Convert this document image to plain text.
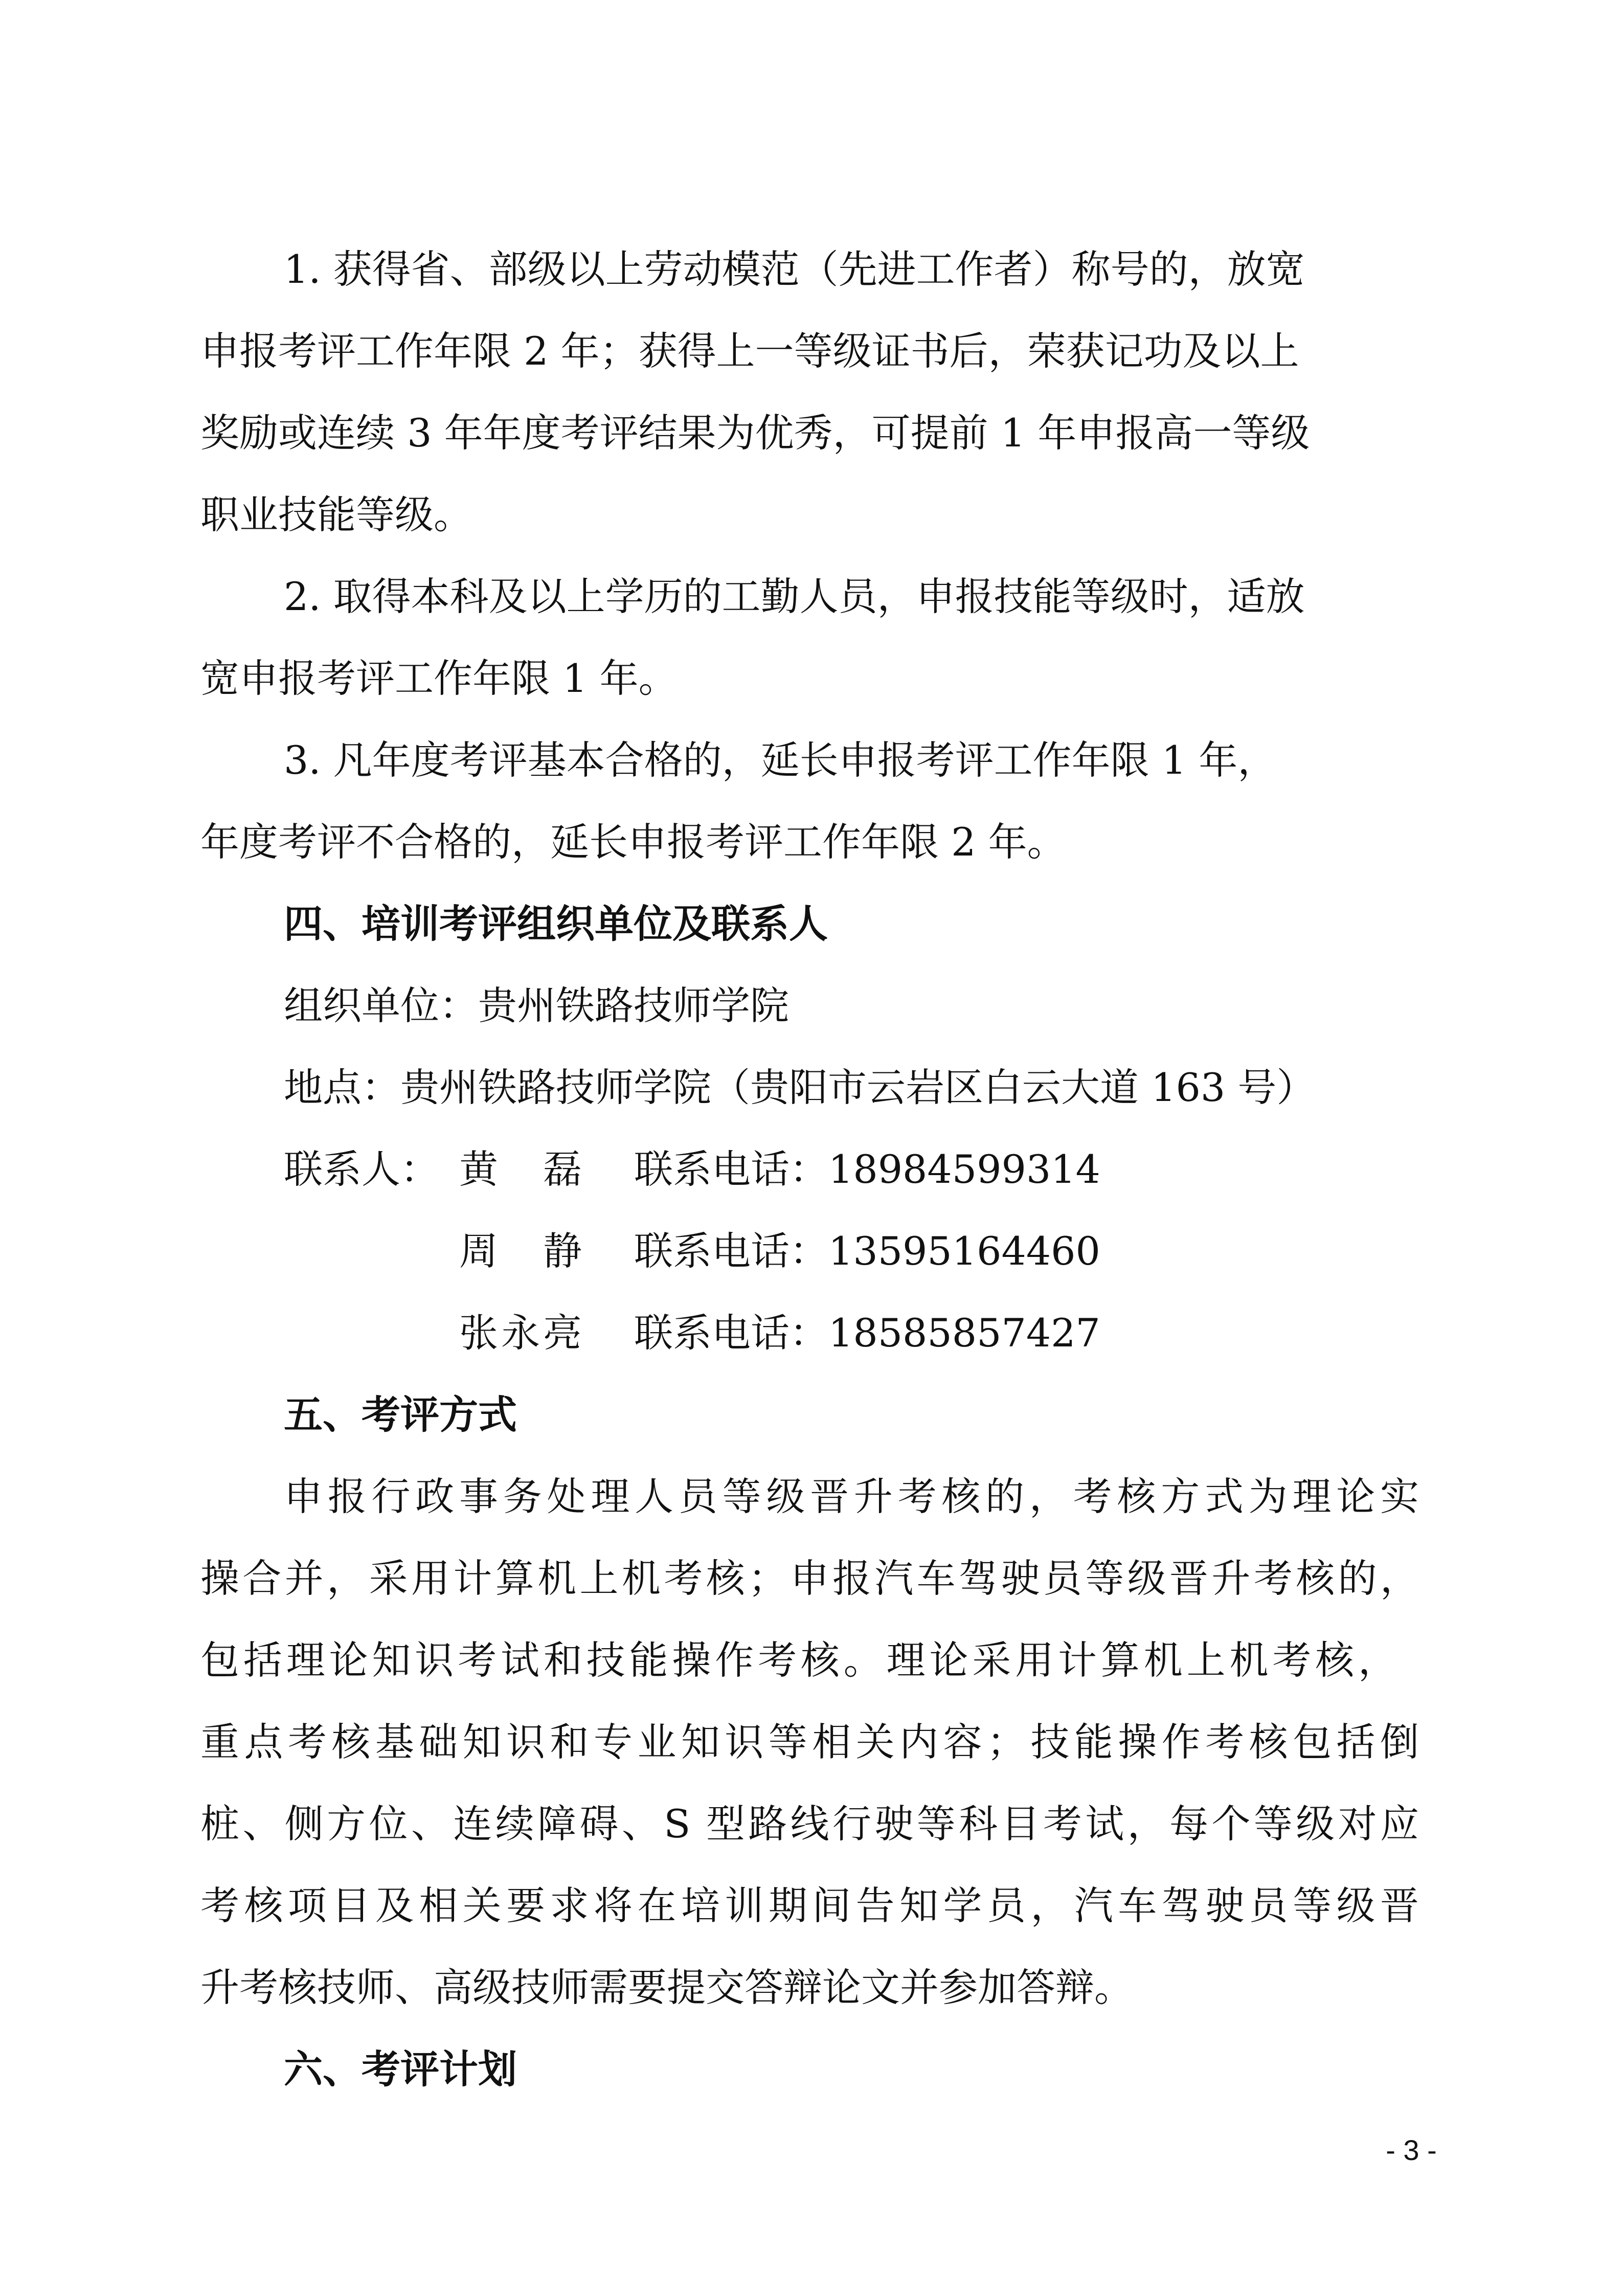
1. 获得省、部级以上劳动模范（先进工作者）称号的，放宽
申报考评工作年限 2 年；获得上一等级证书后，荣获记功及以上
奖励或连续 3 年年度考评结果为优秀，可提前 1 年申报高一等级
职业技能等级。
2. 取得本科及以上学历的工勤人员，申报技能等级时，适放
宽申报考评工作年限 1 年。
3. 凡年度考评基本合格的，延长申报考评工作年限 1 年，
年度考评不合格的，延长申报考评工作年限 2 年。
四、培训考评组织单位及联系人
组织单位：贵州铁路技师学院
地点：贵州铁路技师学院（贵阳市云岩区白云大道 163 号）
联系人： 黄磊 联系电话：18984599314
周静 联系电话：13595164460
张永亮 联系电话：18585857427
五、考评方式
申报行政事务处理人员等级晋升考核的，考核方式为理论实
操合并，采用计算机上机考核；申报汽车驾驶员等级晋升考核的，
包括理论知识考试和技能操作考核。理论采用计算机上机考核，
重点考核基础知识和专业知识等相关内容；技能操作考核包括倒
桩、侧方位、连续障碍、S 型路线行驶等科目考试，每个等级对应
考核项目及相关要求将在培训期间告知学员，汽车驾驶员等级晋
升考核技师、高级技师需要提交答辩论文并参加答辩。
六、考评计划
- 3 -
